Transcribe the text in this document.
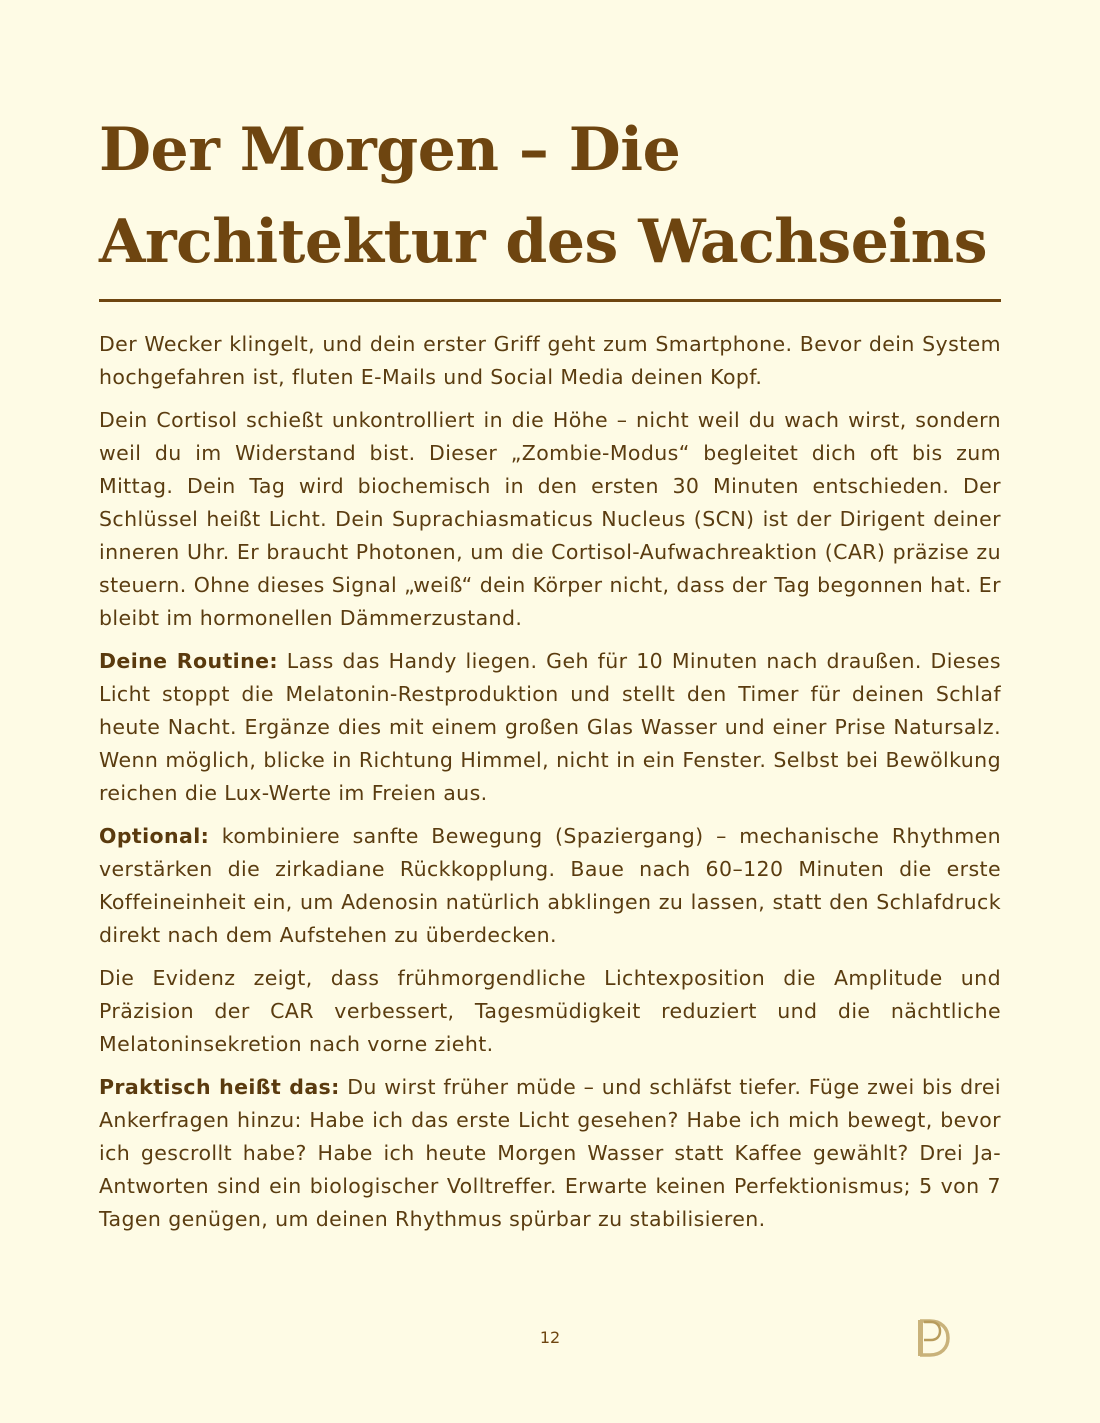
Der Morgen – Die Architektur des Wachseins

Der Wecker klingelt, und dein erster Griff geht zum Smartphone. Bevor dein System hochgefahren ist, fluten E-Mails und Social Media deinen Kopf.

Dein Cortisol schießt unkontrolliert in die Höhe – nicht weil du wach wirst, sondern weil du im Widerstand bist. Dieser „Zombie-Modus“ begleitet dich oft bis zum Mittag. Dein Tag wird biochemisch in den ersten 30 Minuten entschieden. Der Schlüssel heißt Licht. Dein Suprachiasmaticus Nucleus (SCN) ist der Dirigent deiner inneren Uhr. Er braucht Photonen, um die Cortisol-Aufwachreaktion (CAR) präzise zu steuern. Ohne dieses Signal „weiß“ dein Körper nicht, dass der Tag begonnen hat. Er bleibt im hormonellen Dämmerzustand.

Deine Routine: Lass das Handy liegen. Geh für 10 Minuten nach draußen. Dieses Licht stoppt die Melatonin-Restproduktion und stellt den Timer für deinen Schlaf heute Nacht. Ergänze dies mit einem großen Glas Wasser und einer Prise Natursalz. Wenn möglich, blicke in Richtung Himmel, nicht in ein Fenster. Selbst bei Bewölkung reichen die Lux-Werte im Freien aus.

Optional: kombiniere sanfte Bewegung (Spaziergang) – mechanische Rhythmen verstärken die zirkadiane Rückkopplung. Baue nach 60–120 Minuten die erste Koffeineinheit ein, um Adenosin natürlich abklingen zu lassen, statt den Schlafdruck direkt nach dem Aufstehen zu überdecken.

Die Evidenz zeigt, dass frühmorgendliche Lichtexposition die Amplitude und Präzision der CAR verbessert, Tagesmüdigkeit reduziert und die nächtliche Melatoninsekretion nach vorne zieht.

Praktisch heißt das: Du wirst früher müde – und schläfst tiefer. Füge zwei bis drei Ankerfragen hinzu: Habe ich das erste Licht gesehen? Habe ich mich bewegt, bevor ich gescrollt habe? Habe ich heute Morgen Wasser statt Kaffee gewählt? Drei Ja-Antworten sind ein biologischer Volltreffer. Erwarte keinen Perfektionismus; 5 von 7 Tagen genügen, um deinen Rhythmus spürbar zu stabilisieren.

12
